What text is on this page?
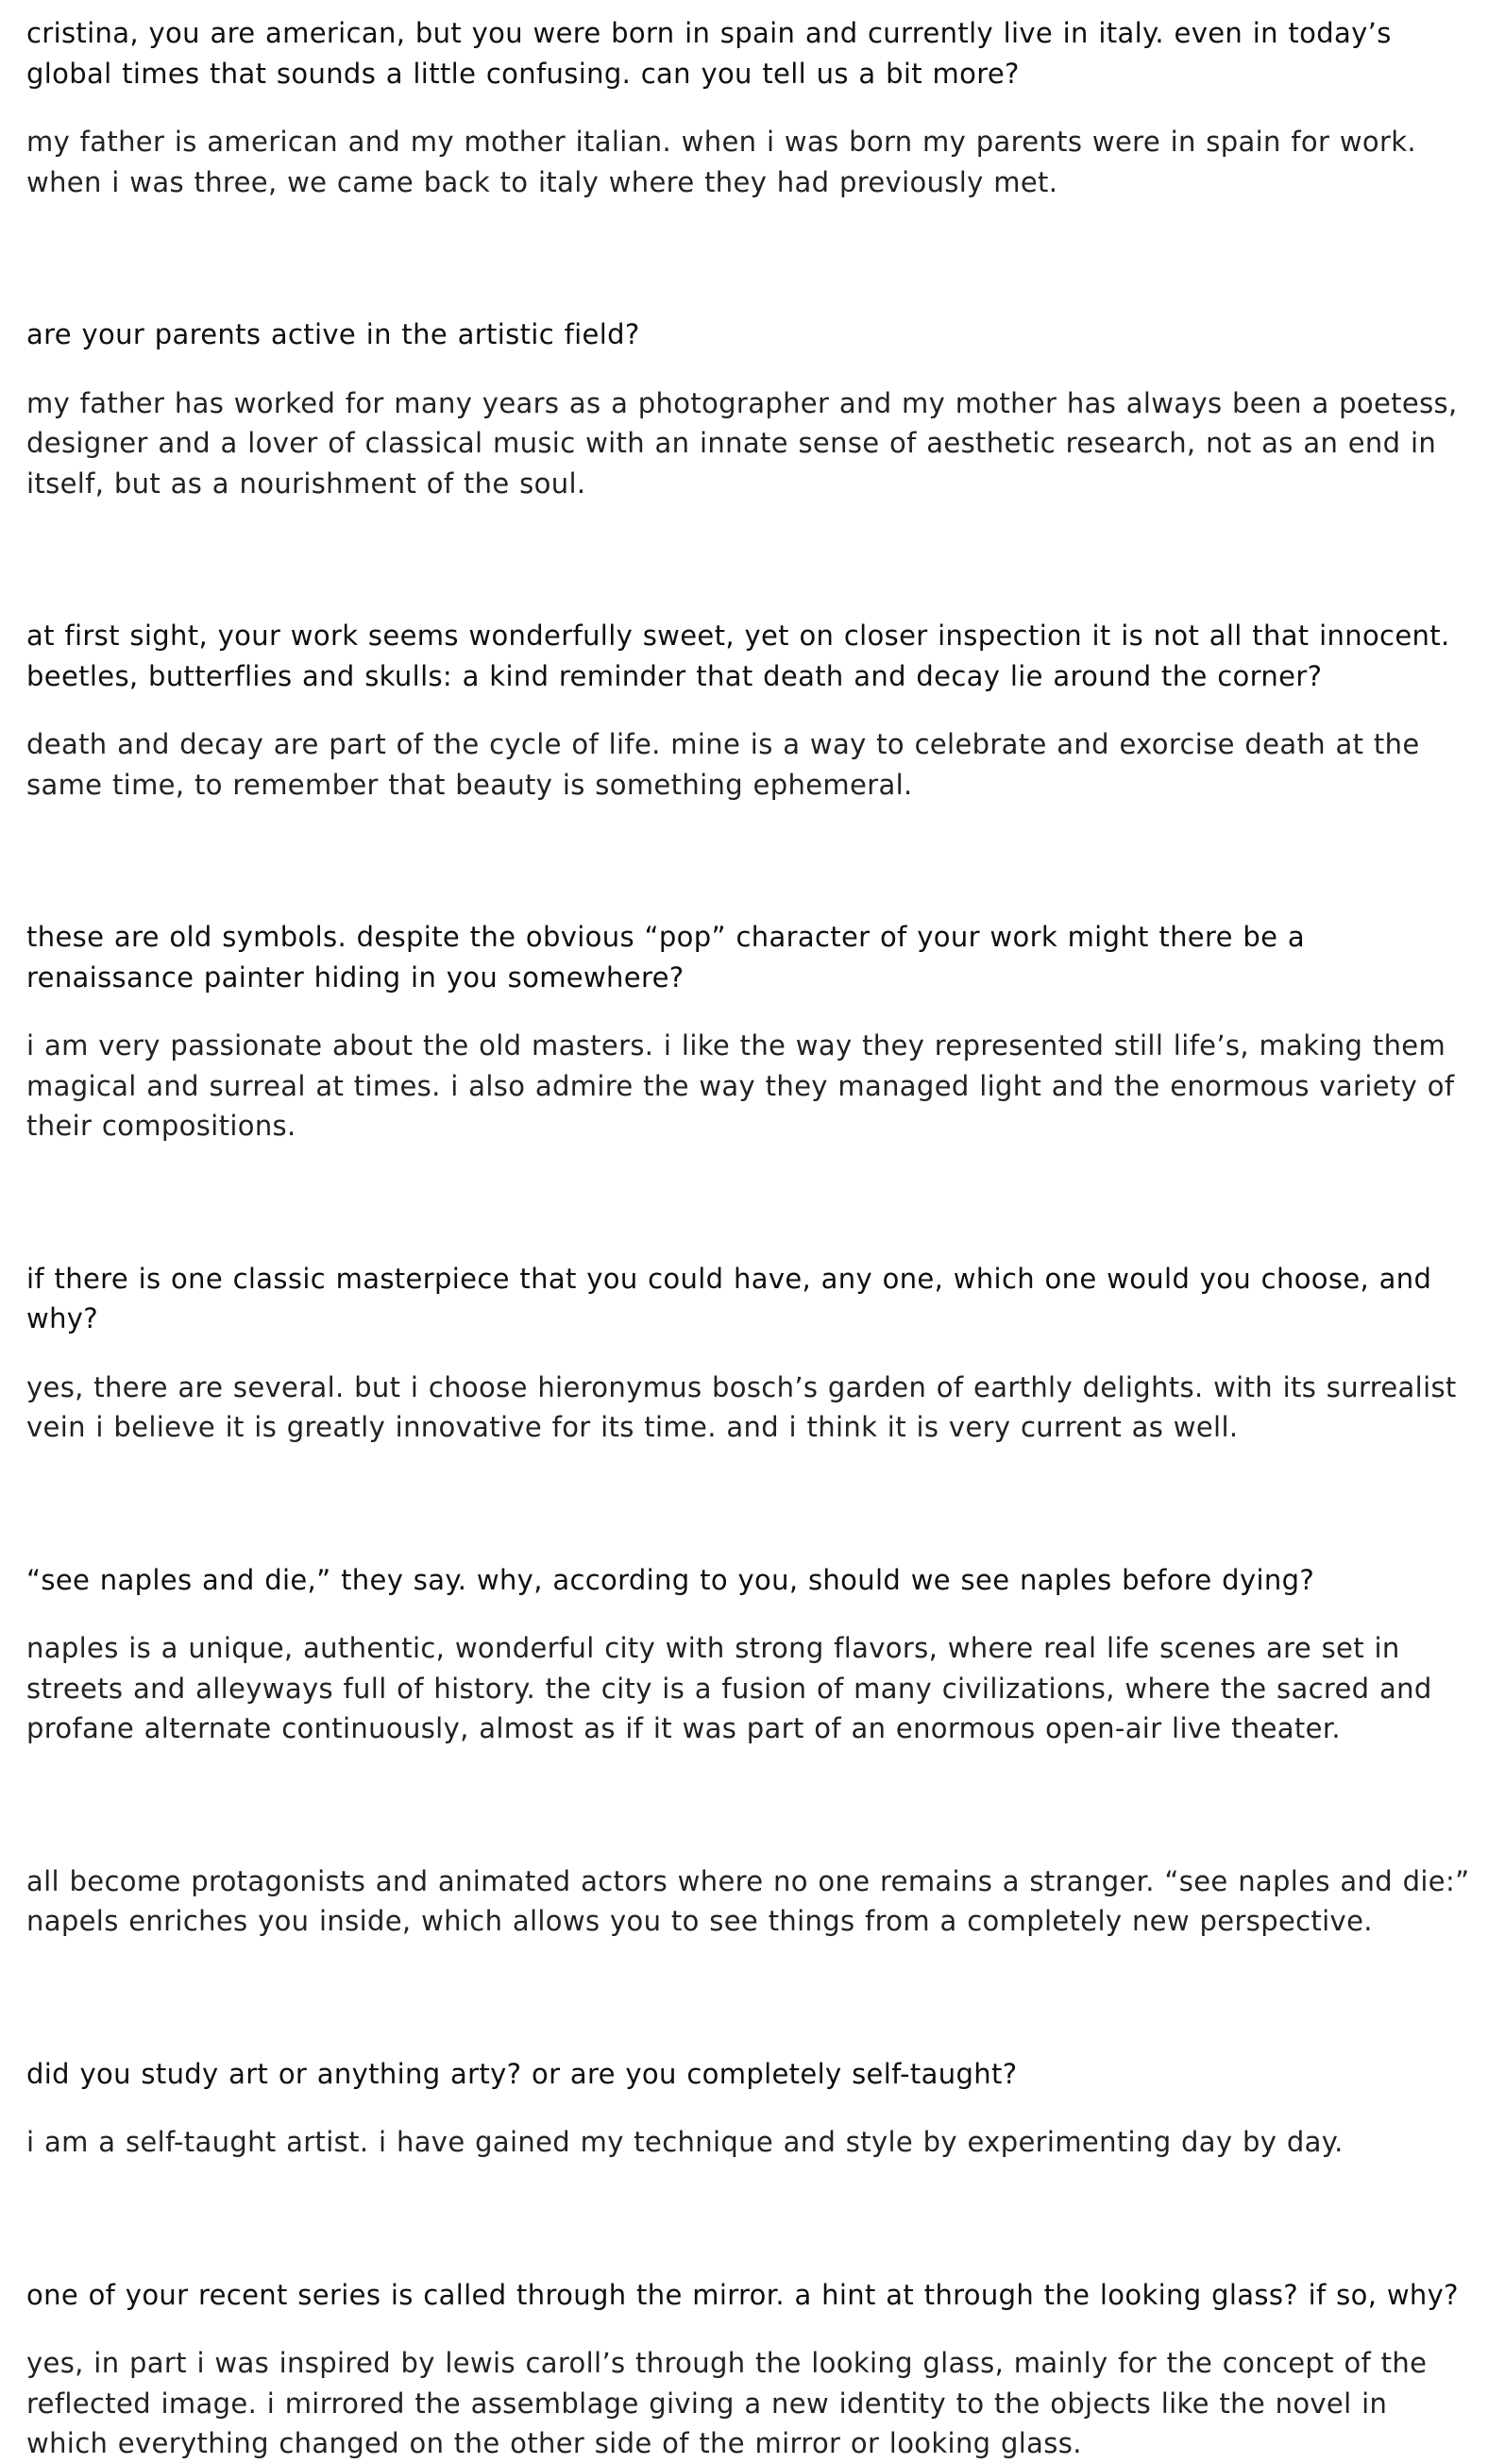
cristina, you are american, but you were born in spain and currently live in italy. even in today’s global times that sounds a little confusing. can you tell us a bit more?

my father is american and my mother italian. when i was born my parents were in spain for work. when i was three, we came back to italy where they had previously met.

are your parents active in the artistic field?

my father has worked for many years as a photographer and my mother has always been a poetess, designer and a lover of classical music with an innate sense of aesthetic research, not as an end in itself, but as a nourishment of the soul.

at first sight, your work seems wonderfully sweet, yet on closer inspection it is not all that innocent. beetles, butterflies and skulls: a kind reminder that death and decay lie around the corner?

death and decay are part of the cycle of life. mine is a way to celebrate and exorcise death at the same time, to remember that beauty is something ephemeral.

these are old symbols. despite the obvious “pop” character of your work might there be a renaissance painter hiding in you somewhere?

i am very passionate about the old masters. i like the way they represented still life’s, making them magical and surreal at times. i also admire the way they managed light and the enormous variety of their compositions.

if there is one classic masterpiece that you could have, any one, which one would you choose, and why?

yes, there are several. but i choose hieronymus bosch’s garden of earthly delights. with its surrealist vein i believe it is greatly innovative for its time. and i think it is very current as well.

“see naples and die,” they say. why, according to you, should we see naples before dying?

naples is a unique, authentic, wonderful city with strong flavors, where real life scenes are set in streets and alleyways full of history. the city is a fusion of many civilizations, where the sacred and profane alternate continuously, almost as if it was part of an enormous open-air live theater.

all become protagonists and animated actors where no one remains a stranger. “see naples and die:” napels enriches you inside, which allows you to see things from a completely new perspective.

did you study art or anything arty? or are you completely self-taught?

i am a self-taught artist. i have gained my technique and style by experimenting day by day.

one of your recent series is called through the mirror. a hint at through the looking glass? if so, why?

yes, in part i was inspired by lewis caroll’s through the looking glass, mainly for the concept of the reflected image. i mirrored the assemblage giving a new identity to the objects like the novel in which everything changed on the other side of the mirror or looking glass.
